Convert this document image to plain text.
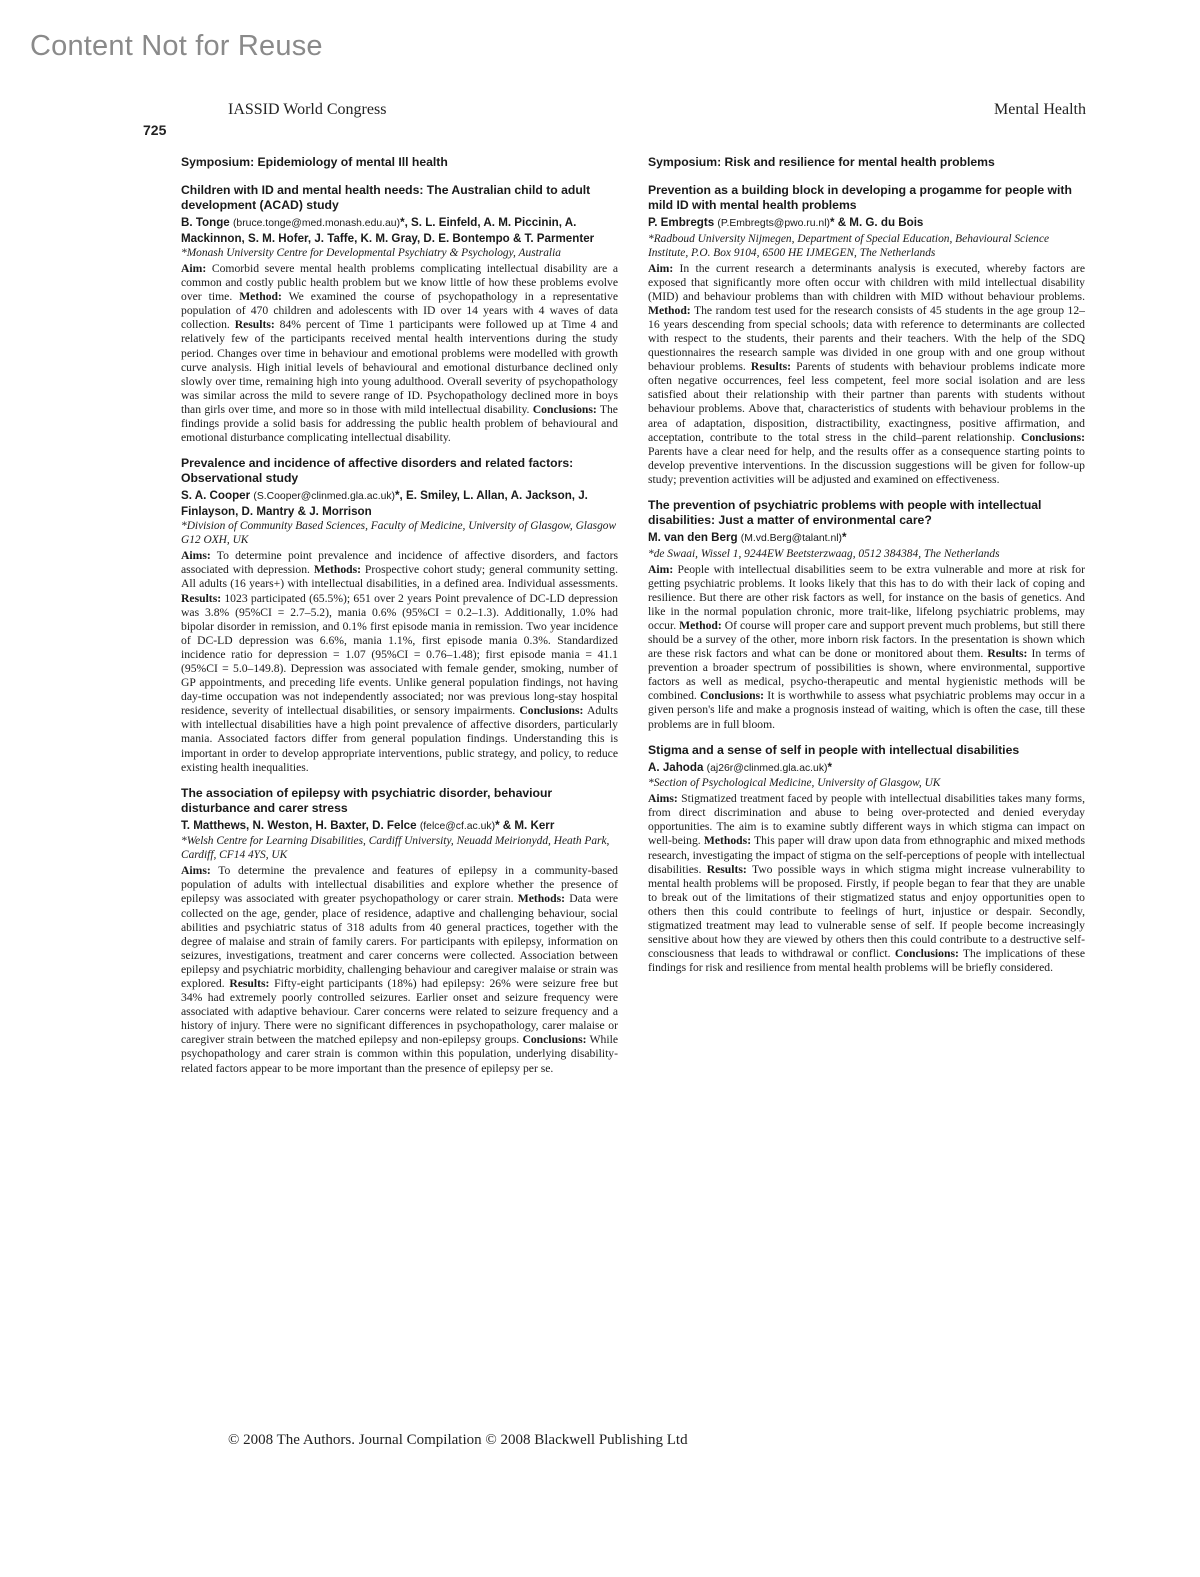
Content Not for Reuse
IASSID World Congress	Mental Health
725
Symposium: Epidemiology of mental Ill health
Children with ID and mental health needs: The Australian child to adult development (ACAD) study

B. Tonge (bruce.tonge@med.monash.edu.au)*, S. L. Einfeld, A. M. Piccinin, A. Mackinnon, S. M. Hofer, J. Taffe, K. M. Gray, D. E. Bontempo & T. Parmenter

*Monash University Centre for Developmental Psychiatry & Psychology, Australia

Aim: Comorbid severe mental health problems complicating intellectual disability are a common and costly public health problem but we know little of how these problems evolve over time. Method: We examined the course of psychopathology in a representative population of 470 children and adolescents with ID over 14 years with 4 waves of data collection. Results: 84% percent of Time 1 participants were followed up at Time 4 and relatively few of the participants received mental health interventions during the study period. Changes over time in behaviour and emotional problems were modelled with growth curve analysis. High initial levels of behavioural and emotional disturbance declined only slowly over time, remaining high into young adulthood. Overall severity of psychopathology was similar across the mild to severe range of ID. Psychopathology declined more in boys than girls over time, and more so in those with mild intellectual disability. Conclusions: The findings provide a solid basis for addressing the public health problem of behavioural and emotional disturbance complicating intellectual disability.

Prevalence and incidence of affective disorders and related factors: Observational study

S. A. Cooper (S.Cooper@clinmed.gla.ac.uk)*, E. Smiley, L. Allan, A. Jackson, J. Finlayson, D. Mantry & J. Morrison

*Division of Community Based Sciences, Faculty of Medicine, University of Glasgow, Glasgow G12 OXH, UK

Aims: To determine point prevalence and incidence of affective disorders, and factors associated with depression. Methods: Prospective cohort study; general community setting. All adults (16 years+) with intellectual disabilities, in a defined area. Individual assessments. Results: 1023 participated (65.5%); 651 over 2 years Point prevalence of DC-LD depression was 3.8% (95%CI = 2.7–5.2), mania 0.6% (95%CI = 0.2–1.3). Additionally, 1.0% had bipolar disorder in remission, and 0.1% first episode mania in remission. Two year incidence of DC-LD depression was 6.6%, mania 1.1%, first episode mania 0.3%. Standardized incidence ratio for depression = 1.07 (95%CI = 0.76–1.48); first episode mania = 41.1 (95%CI = 5.0–149.8). Depression was associated with female gender, smoking, number of GP appointments, and preceding life events. Unlike general population findings, not having day-time occupation was not independently associated; nor was previous long-stay hospital residence, severity of intellectual disabilities, or sensory impairments. Conclusions: Adults with intellectual disabilities have a high point prevalence of affective disorders, particularly mania. Associated factors differ from general population findings. Understanding this is important in order to develop appropriate interventions, public strategy, and policy, to reduce existing health inequalities.

The association of epilepsy with psychiatric disorder, behaviour disturbance and carer stress

T. Matthews, N. Weston, H. Baxter, D. Felce (felce@cf.ac.uk)* & M. Kerr

*Welsh Centre for Learning Disabilities, Cardiff University, Neuadd Meirionydd, Heath Park, Cardiff, CF14 4YS, UK

Aims: To determine the prevalence and features of epilepsy in a community-based population of adults with intellectual disabilities and explore whether the presence of epilepsy was associated with greater psychopathology or carer strain. Methods: Data were collected on the age, gender, place of residence, adaptive and challenging behaviour, social abilities and psychiatric status of 318 adults from 40 general practices, together with the degree of malaise and strain of family carers. For participants with epilepsy, information on seizures, investigations, treatment and carer concerns were collected. Association between epilepsy and psychiatric morbidity, challenging behaviour and caregiver malaise or strain was explored. Results: Fifty-eight participants (18%) had epilepsy: 26% were seizure free but 34% had extremely poorly controlled seizures. Earlier onset and seizure frequency were associated with adaptive behaviour. Carer concerns were related to seizure frequency and a history of injury. There were no significant differences in psychopathology, carer malaise or caregiver strain between the matched epilepsy and non-epilepsy groups. Conclusions: While psychopathology and carer strain is common within this population, underlying disability-related factors appear to be more important than the presence of epilepsy per se.

Symposium: Risk and resilience for mental health problems
Prevention as a building block in developing a progamme for people with mild ID with mental health problems

P. Embregts (P.Embregts@pwo.ru.nl)* & M. G. du Bois

*Radboud University Nijmegen, Department of Special Education, Behavioural Science Institute, P.O. Box 9104, 6500 HE IJMEGEN, The Netherlands

Aim: In the current research a determinants analysis is executed, whereby factors are exposed that significantly more often occur with children with mild intellectual disability (MID) and behaviour problems than with children with MID without behaviour problems. Method: The random test used for the research consists of 45 students in the age group 12–16 years descending from special schools; data with reference to determinants are collected with respect to the students, their parents and their teachers. With the help of the SDQ questionnaires the research sample was divided in one group with and one group without behaviour problems. Results: Parents of students with behaviour problems indicate more often negative occurrences, feel less competent, feel more social isolation and are less satisfied about their relationship with their partner than parents with students without behaviour problems. Above that, characteristics of students with behaviour problems in the area of adaptation, disposition, distractibility, exactingness, positive affirmation, and acceptation, contribute to the total stress in the child–parent relationship. Conclusions: Parents have a clear need for help, and the results offer as a consequence starting points to develop preventive interventions. In the discussion suggestions will be given for follow-up study; prevention activities will be adjusted and examined on effectiveness.

The prevention of psychiatric problems with people with intellectual disabilities: Just a matter of environmental care?

M. van den Berg (M.vd.Berg@talant.nl)*

*de Swaai, Wissel 1, 9244EW Beetsterzwaag, 0512 384384, The Netherlands

Aim: People with intellectual disabilities seem to be extra vulnerable and more at risk for getting psychiatric problems. It looks likely that this has to do with their lack of coping and resilience. But there are other risk factors as well, for instance on the basis of genetics. And like in the normal population chronic, more trait-like, lifelong psychiatric problems, may occur. Method: Of course will proper care and support prevent much problems, but still there should be a survey of the other, more inborn risk factors. In the presentation is shown which are these risk factors and what can be done or monitored about them. Results: In terms of prevention a broader spectrum of possibilities is shown, where environmental, supportive factors as well as medical, psycho-therapeutic and mental hygienistic methods will be combined. Conclusions: It is worthwhile to assess what psychiatric problems may occur in a given person's life and make a prognosis instead of waiting, which is often the case, till these problems are in full bloom.

Stigma and a sense of self in people with intellectual disabilities

A. Jahoda (aj26r@clinmed.gla.ac.uk)*

*Section of Psychological Medicine, University of Glasgow, UK

Aims: Stigmatized treatment faced by people with intellectual disabilities takes many forms, from direct discrimination and abuse to being over-protected and denied everyday opportunities. The aim is to examine subtly different ways in which stigma can impact on well-being. Methods: This paper will draw upon data from ethnographic and mixed methods research, investigating the impact of stigma on the self-perceptions of people with intellectual disabilities. Results: Two possible ways in which stigma might increase vulnerability to mental health problems will be proposed. Firstly, if people began to fear that they are unable to break out of the limitations of their stigmatized status and enjoy opportunities open to others then this could contribute to feelings of hurt, injustice or despair. Secondly, stigmatized treatment may lead to vulnerable sense of self. If people become increasingly sensitive about how they are viewed by others then this could contribute to a destructive self-consciousness that leads to withdrawal or conflict. Conclusions: The implications of these findings for risk and resilience from mental health problems will be briefly considered.

© 2008 The Authors. Journal Compilation © 2008 Blackwell Publishing Ltd
